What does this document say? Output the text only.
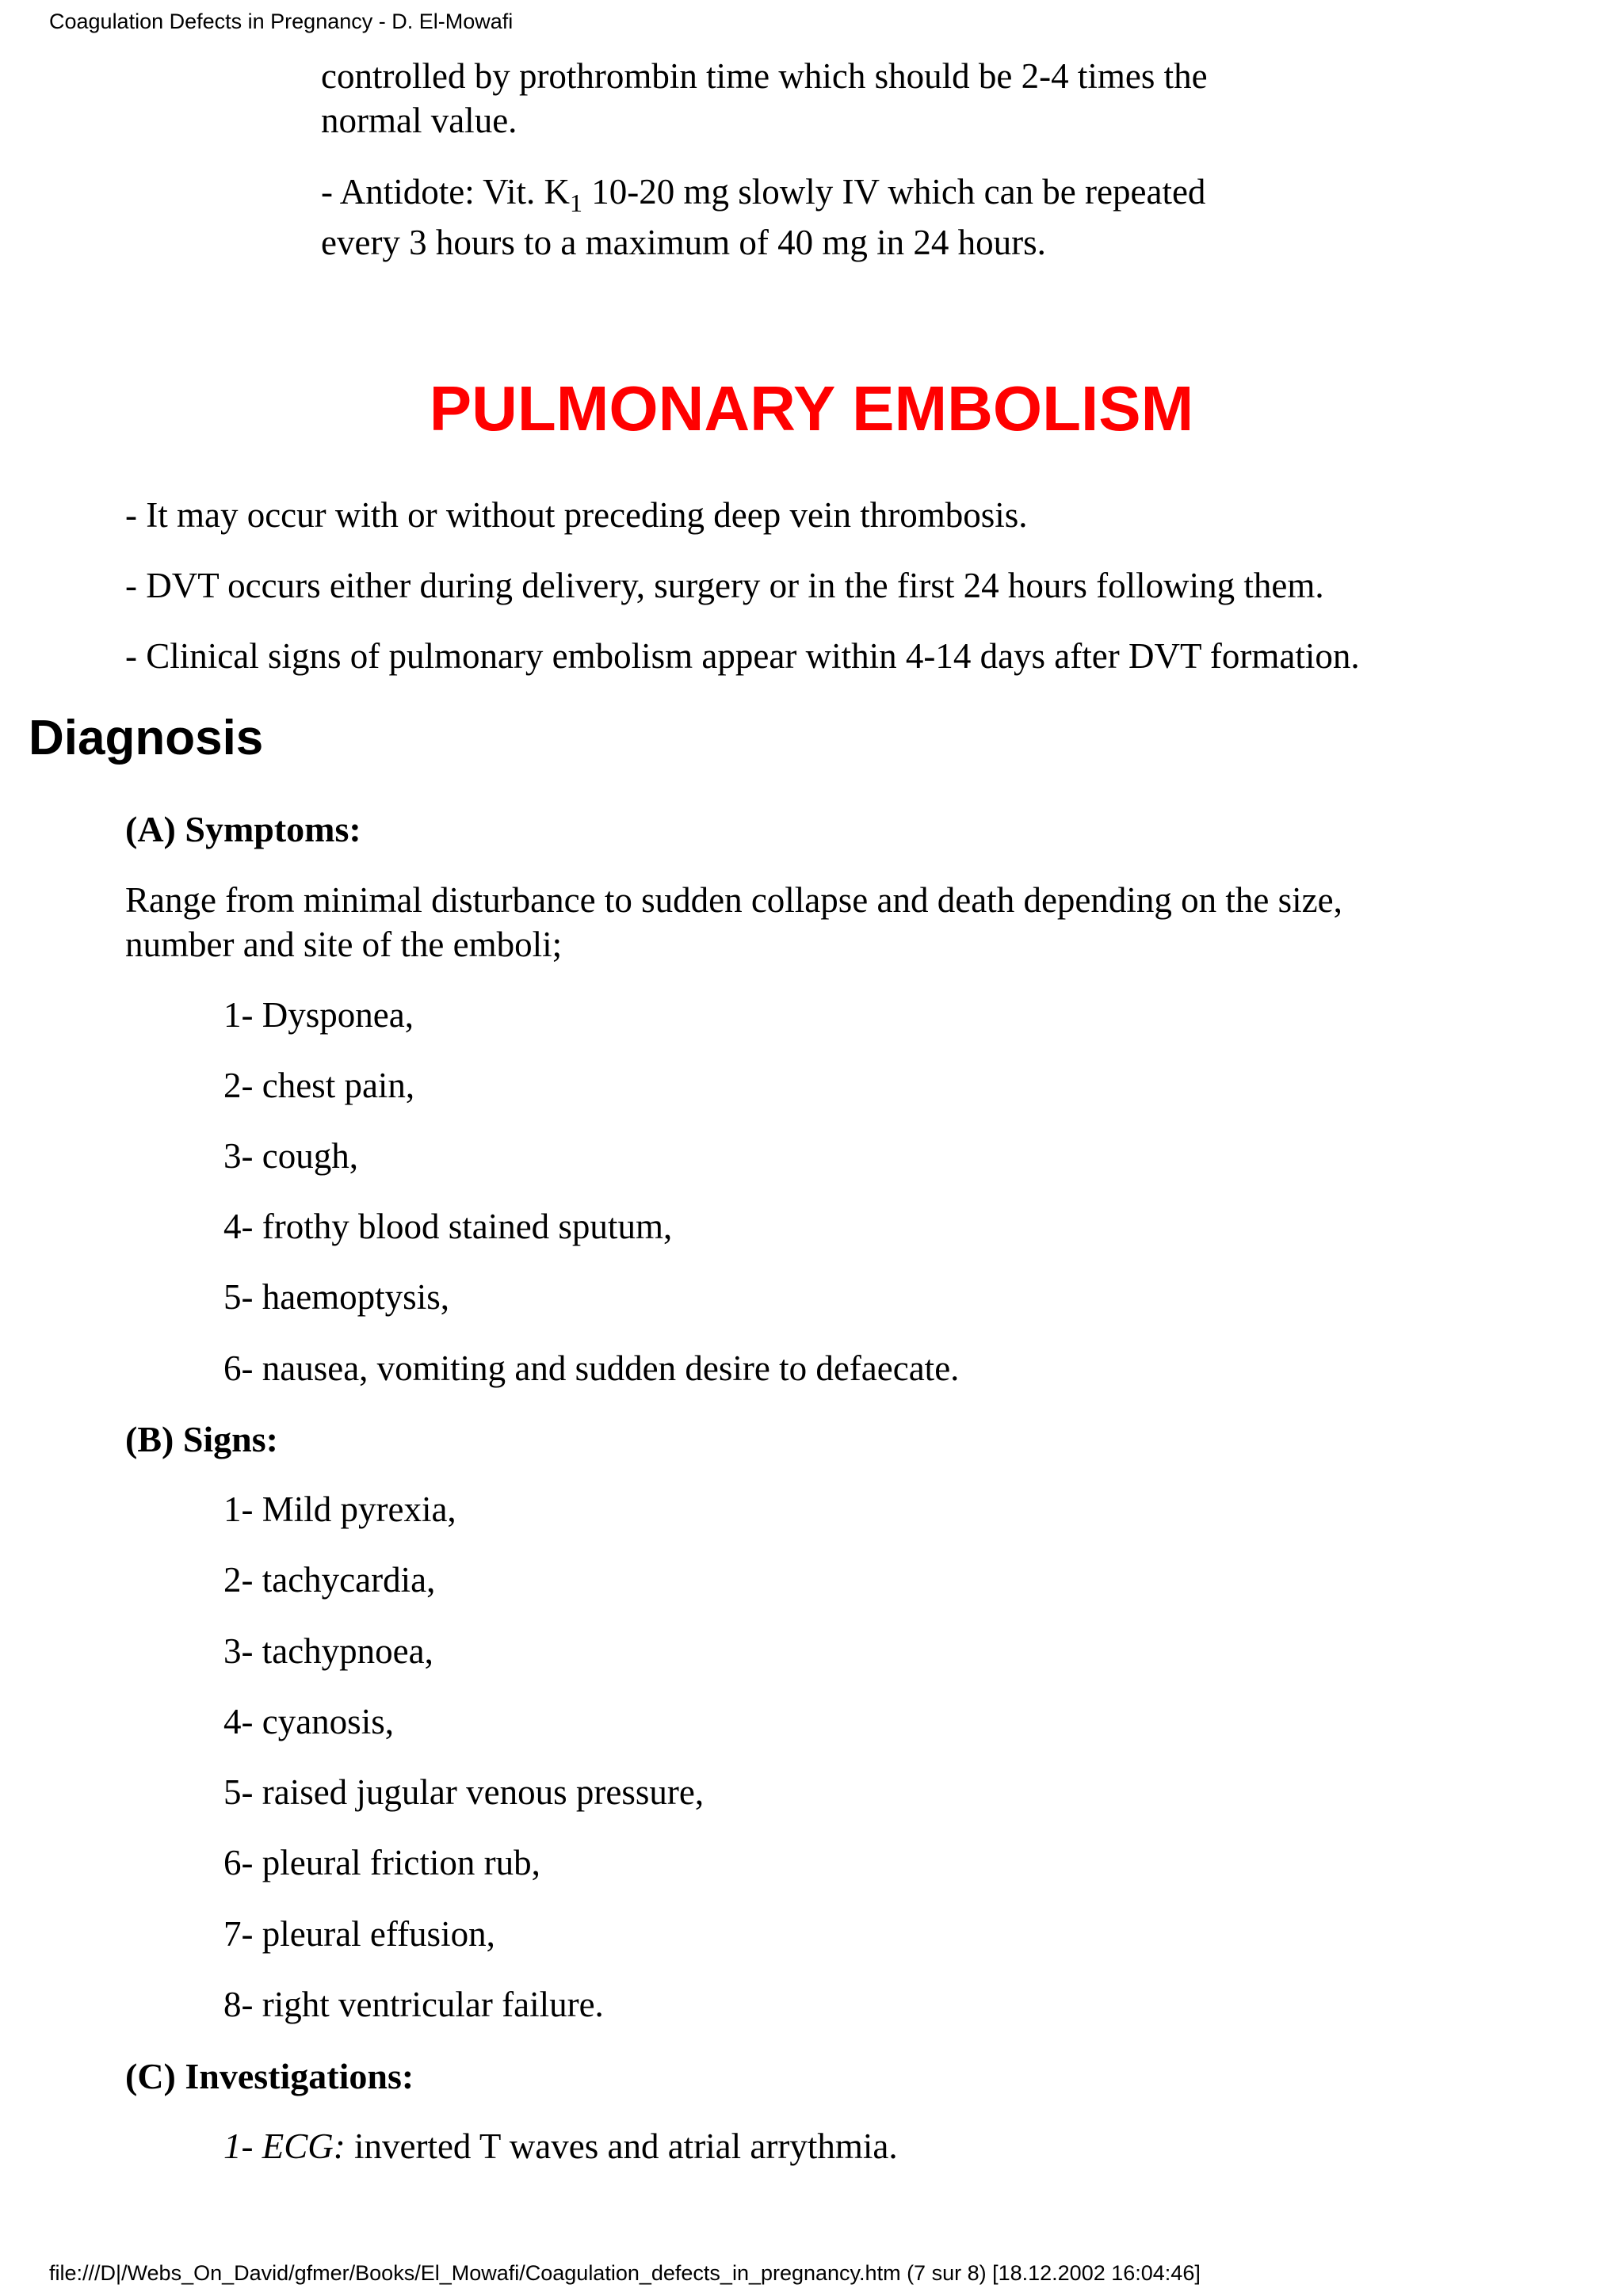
Coagulation Defects in Pregnancy - D. El-Mowafi
controlled by prothrombin time which should be 2-4 times the
normal value.
- Antidote: Vit. $K_1$ 10-20 mg slowly IV which can be repeated
every 3 hours to a maximum of 40 mg in 24 hours.
PULMONARY EMBOLISM
- It may occur with or without preceding deep vein thrombosis.
- DVT occurs either during delivery, surgery or in the first 24 hours following them.
- Clinical signs of pulmonary embolism appear within 4-14 days after DVT formation.
Diagnosis
(A) Symptoms:
Range from minimal disturbance to sudden collapse and death depending on the size,
number and site of the emboli;
1- Dysponea,
2- chest pain,
3- cough,
4- frothy blood stained sputum,
5- haemoptysis,
6- nausea, vomiting and sudden desire to defaecate.
(B) Signs:
1- Mild pyrexia,
2- tachycardia,
3- tachypnoea,
4- cyanosis,
5- raised jugular venous pressure,
6- pleural friction rub,
7- pleural effusion,
8- right ventricular failure.
(C) Investigations:
1- ECG: inverted T waves and atrial arrythmia.
file:///D|/Webs_On_David/gfmer/Books/El_Mowafi/Coagulation_defects_in_pregnancy.htm (7 sur 8) [18.12.2002 16:04:46]
